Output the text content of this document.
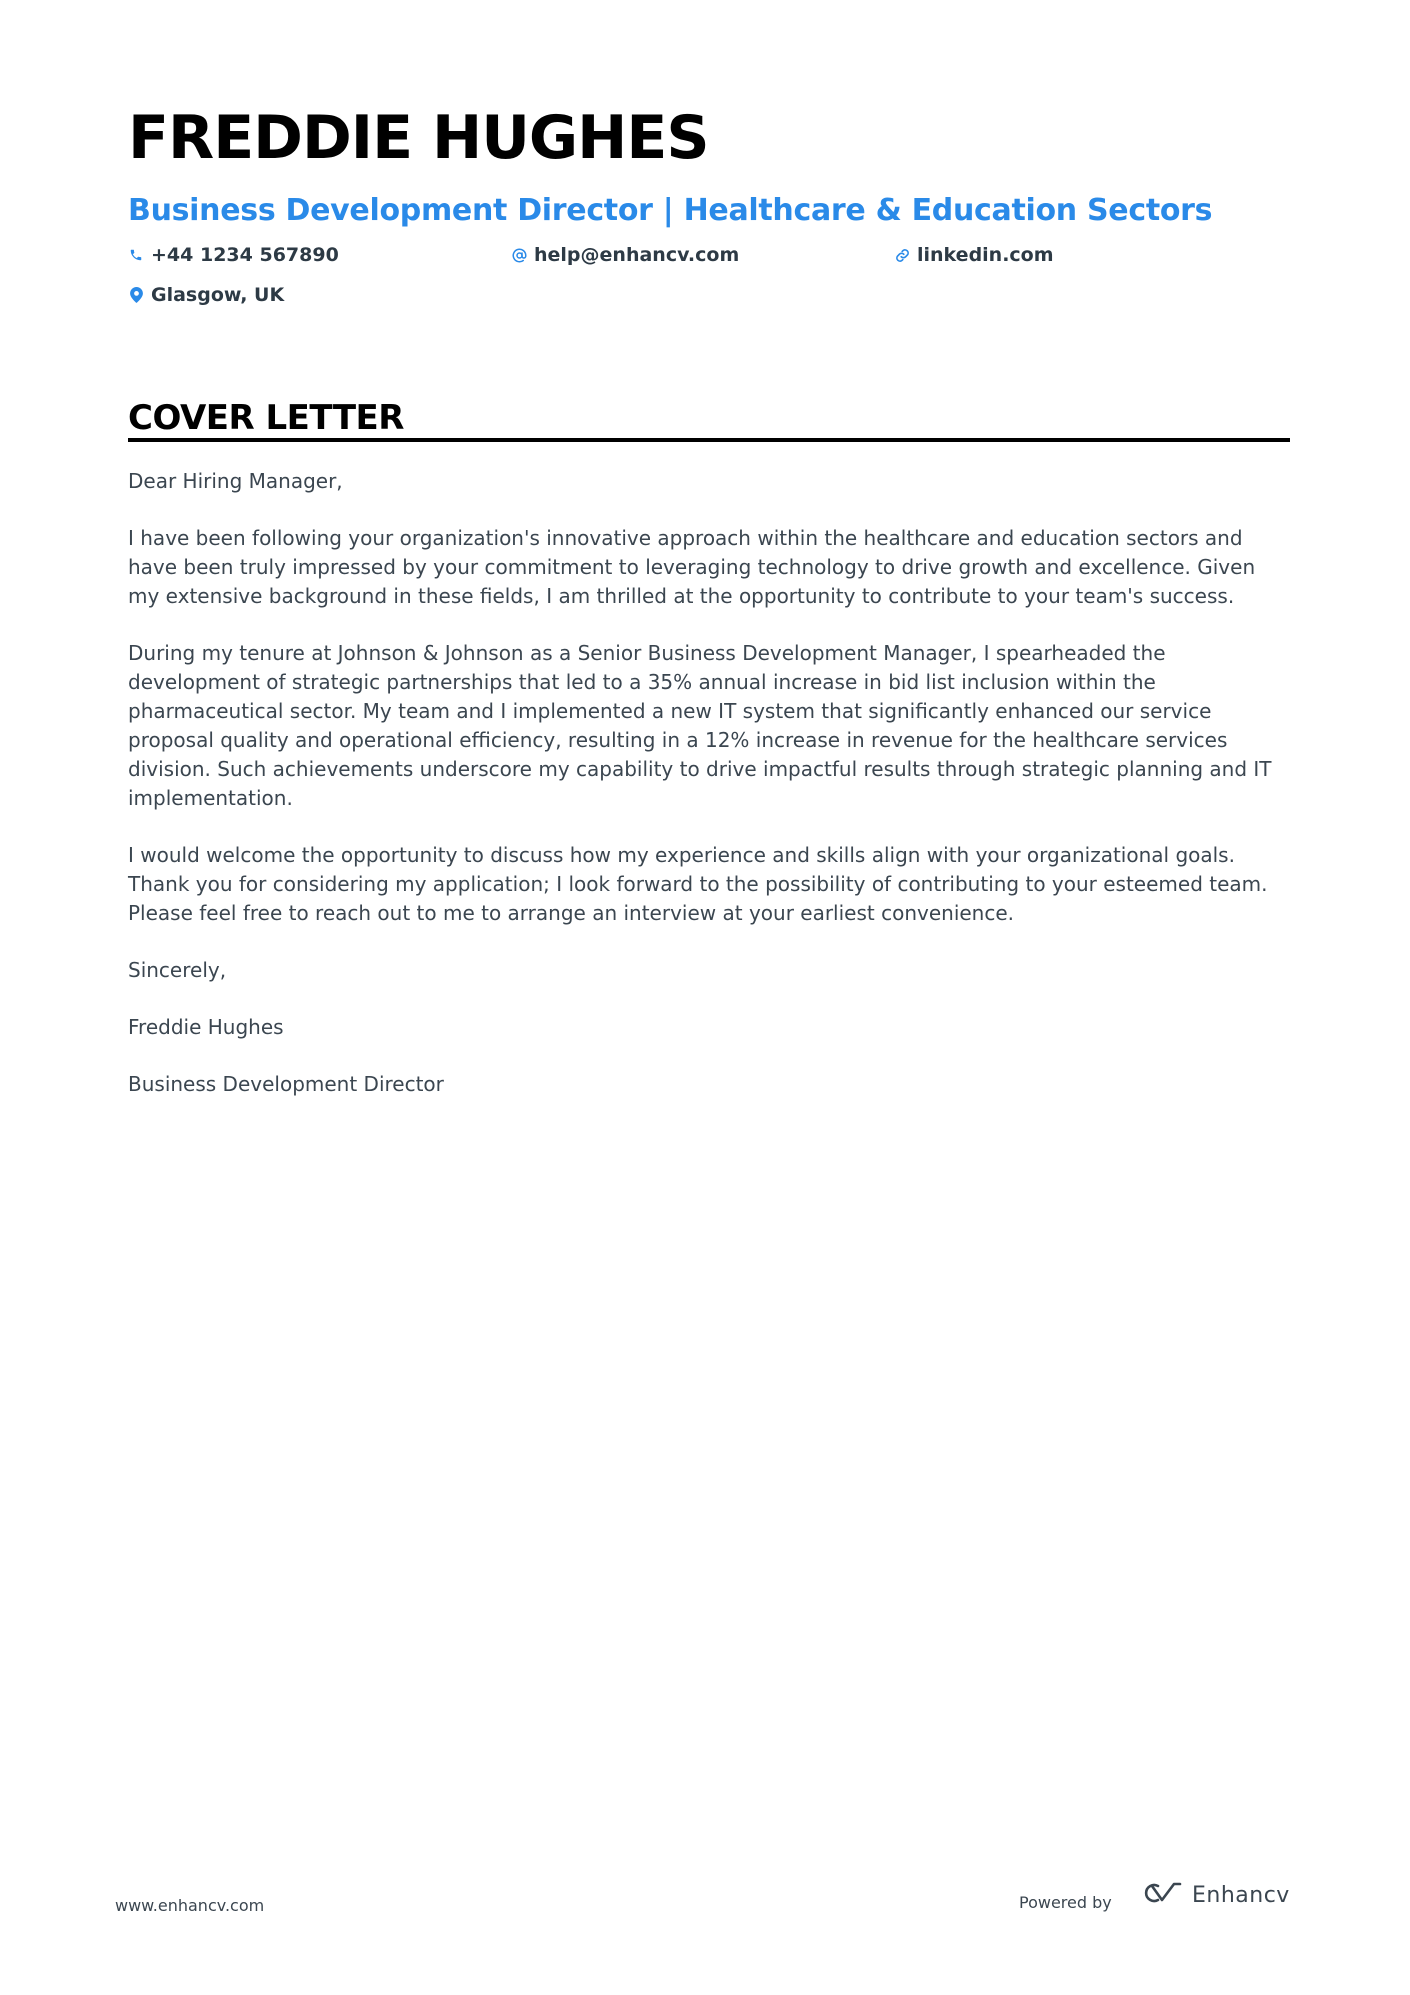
FREDDIE HUGHES
Business Development Director | Healthcare & Education Sectors
+44 1234 567890	help@enhancv.com	linkedin.com
Glasgow, UK
COVER LETTER

Dear Hiring Manager,

I have been following your organization's innovative approach within the healthcare and education sectors and have been truly impressed by your commitment to leveraging technology to drive growth and excellence. Given my extensive background in these fields, I am thrilled at the opportunity to contribute to your team's success.

During my tenure at Johnson & Johnson as a Senior Business Development Manager, I spearheaded the development of strategic partnerships that led to a 35% annual increase in bid list inclusion within the pharmaceutical sector. My team and I implemented a new IT system that significantly enhanced our service proposal quality and operational efficiency, resulting in a 12% increase in revenue for the healthcare services division. Such achievements underscore my capability to drive impactful results through strategic planning and IT implementation.

I would welcome the opportunity to discuss how my experience and skills align with your organizational goals. Thank you for considering my application; I look forward to the possibility of contributing to your esteemed team. Please feel free to reach out to me to arrange an interview at your earliest convenience.

Sincerely,

Freddie Hughes

Business Development Director

www.enhancv.com	Powered by	Enhancv
